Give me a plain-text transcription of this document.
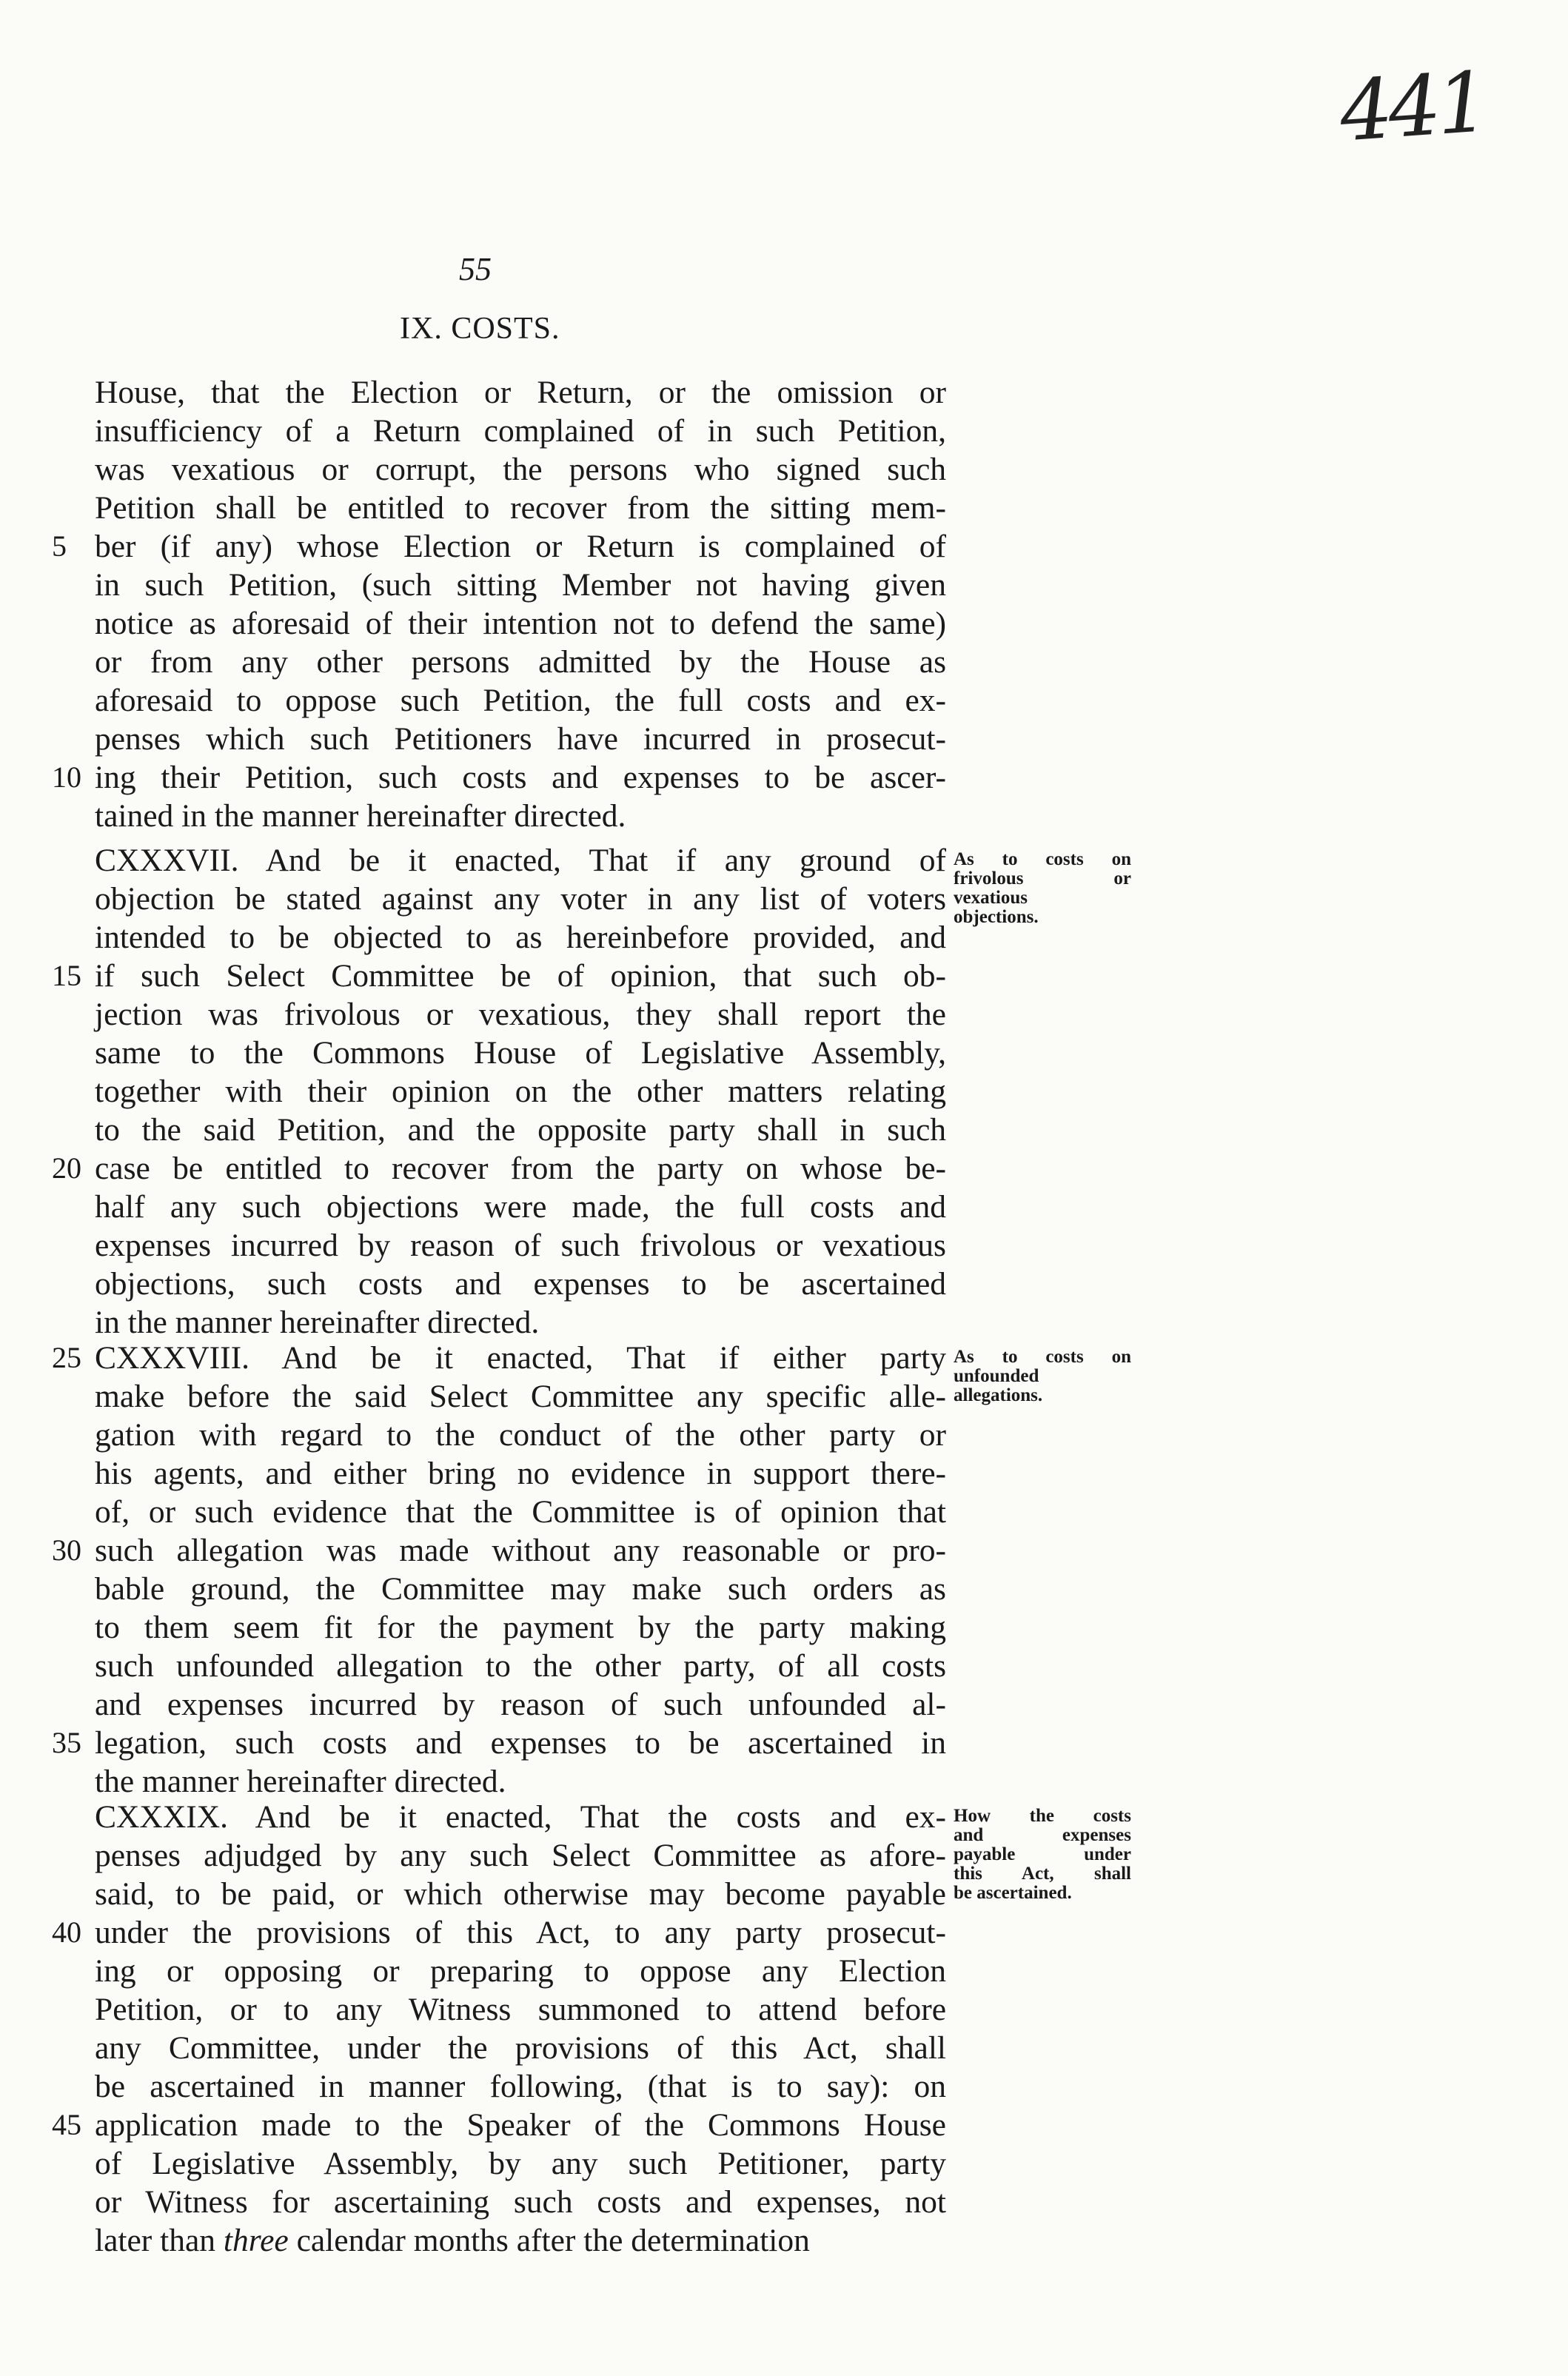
441
55
IX. COSTS.
House, that the Election or Return, or the omission or
insufficiency of a Return complained of in such Petition,
was vexatious or corrupt, the persons who signed such
Petition shall be entitled to recover from the sitting mem-
5 ber (if any) whose Election or Return is complained of
in such Petition, (such sitting Member not having given
notice as aforesaid of their intention not to defend the same)
or from any other persons admitted by the House as
aforesaid to oppose such Petition, the full costs and ex-
penses which such Petitioners have incurred in prosecut-
10 ing their Petition, such costs and expenses to be ascer-
tained in the manner hereinafter directed.
CXXXVII. And be it enacted, That if any ground of
objection be stated against any voter in any list of voters
intended to be objected to as hereinbefore provided, and
15 if such Select Committee be of opinion, that such ob-
jection was frivolous or vexatious, they shall report the
same to the Commons House of Legislative Assembly,
together with their opinion on the other matters relating
to the said Petition, and the opposite party shall in such
20 case be entitled to recover from the party on whose be-
half any such objections were made, the full costs and
expenses incurred by reason of such frivolous or vexatious
objections, such costs and expenses to be ascertained
in the manner hereinafter directed.
As to costs on
frivolous or
vexatious
objections.
25 CXXXVIII. And be it enacted, That if either party
make before the said Select Committee any specific alle-
gation with regard to the conduct of the other party or
his agents, and either bring no evidence in support there-
of, or such evidence that the Committee is of opinion that
30 such allegation was made without any reasonable or pro-
bable ground, the Committee may make such orders as
to them seem fit for the payment by the party making
such unfounded allegation to the other party, of all costs
and expenses incurred by reason of such unfounded al-
35 legation, such costs and expenses to be ascertained in
the manner hereinafter directed.
As to costs on
unfounded
allegations.
CXXXIX. And be it enacted, That the costs and ex-
penses adjudged by any such Select Committee as afore-
said, to be paid, or which otherwise may become payable
40 under the provisions of this Act, to any party prosecut-
ing or opposing or preparing to oppose any Election
Petition, or to any Witness summoned to attend before
any Committee, under the provisions of this Act, shall
be ascertained in manner following, (that is to say): on
45 application made to the Speaker of the Commons House
of Legislative Assembly, by any such Petitioner, party
or Witness for ascertaining such costs and expenses, not
later than three calendar months after the determination
How the costs
and expenses
payable under
this Act, shall
be ascertained.
